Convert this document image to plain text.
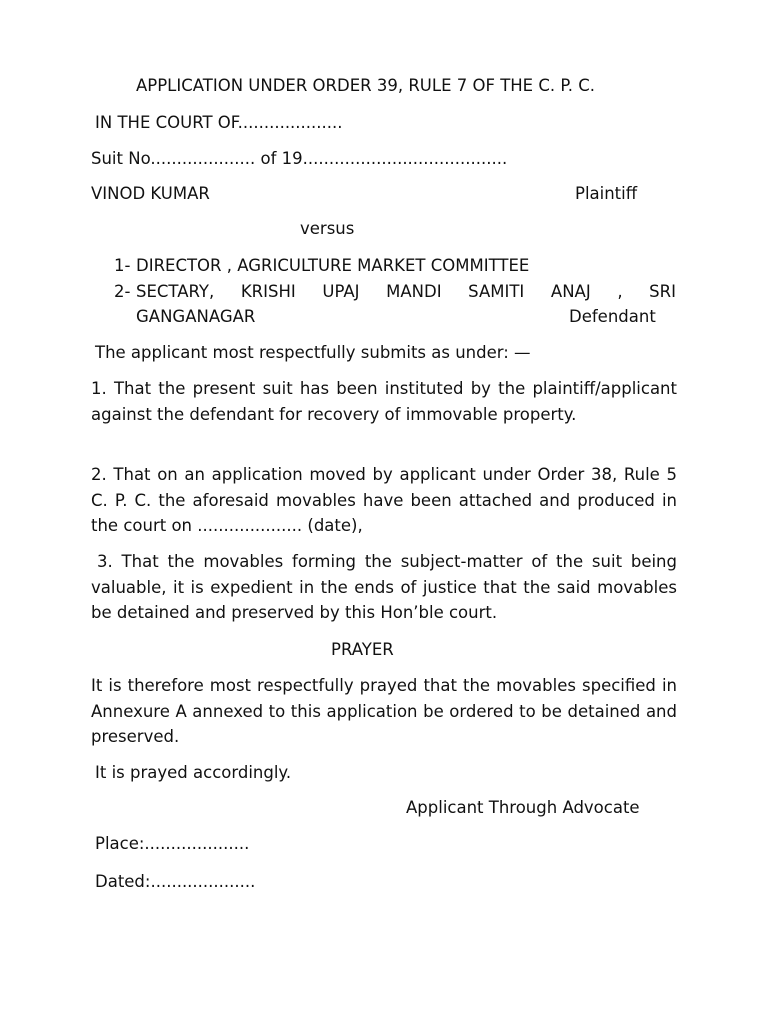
APPLICATION UNDER ORDER 39, RULE 7 OF THE C. P. C.
IN THE COURT OF....................
Suit No.................... of 19.......................................
VINOD KUMAR	Plaintiff
versus
1- DIRECTOR , AGRICULTURE MARKET COMMITTEE
2- SECTARY, KRISHI UPAJ MANDI SAMITI ANAJ , SRI
GANGANAGAR	Defendant
The applicant most respectfully submits as under: —
1. That the present suit has been instituted by the plaintiff/applicant against the defendant for recovery of immovable property.
2. That on an application moved by applicant under Order 38, Rule 5 C. P. C. the aforesaid movables have been attached and produced in the court on .................... (date),
3. That the movables forming the subject-matter of the suit being valuable, it is expedient in the ends of justice that the said movables be detained and preserved by this Hon’ble court.
PRAYER
It is therefore most respectfully prayed that the movables specified in Annexure A annexed to this application be ordered to be detained and preserved.
It is prayed accordingly.
Applicant Through Advocate
Place:....................
Dated:....................
